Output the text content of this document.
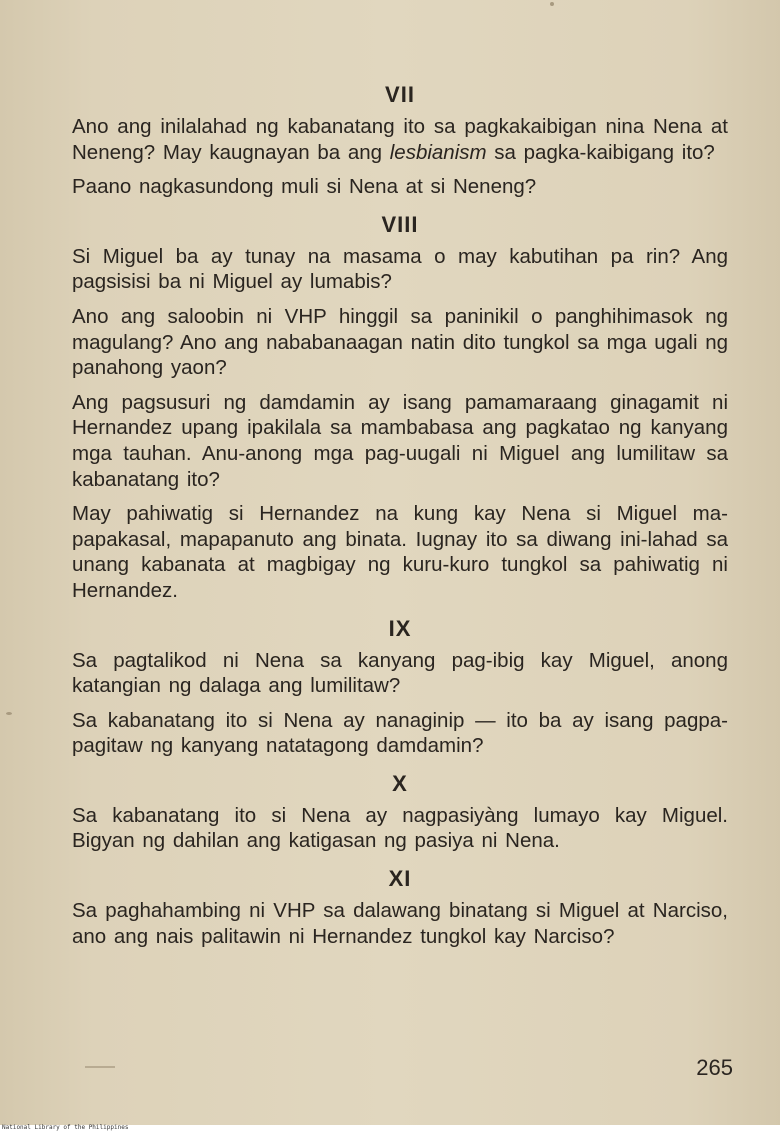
VII

Ano ang inilalahad ng kabanatang ito sa pagkakaibigan nina Nena at Neneng? May kaugnayan ba ang lesbianism sa pagka-kaibigang ito?

Paano nagkasundong muli si Nena at si Neneng?

VIII

Si Miguel ba ay tunay na masama o may kabutihan pa rin? Ang pagsisisi ba ni Miguel ay lumabis?

Ano ang saloobin ni VHP hinggil sa paninikil o panghihimasok ng magulang? Ano ang nababanaagan natin dito tungkol sa mga ugali ng panahong yaon?

Ang pagsusuri ng damdamin ay isang pamamaraang ginagamit ni Hernandez upang ipakilala sa mambabasa ang pagkatao ng kanyang mga tauhan. Anu-anong mga pag-uugali ni Miguel ang lumilitaw sa kabanatang ito?

May pahiwatig si Hernandez na kung kay Nena si Miguel ma-papakasal, mapapanuto ang binata. Iugnay ito sa diwang ini-lahad sa unang kabanata at magbigay ng kuru-kuro tungkol sa pahiwatig ni Hernandez.

IX

Sa pagtalikod ni Nena sa kanyang pag-ibig kay Miguel, anong katangian ng dalaga ang lumilitaw?

Sa kabanatang ito si Nena ay nanaginip — ito ba ay isang pagpa-pagitaw ng kanyang natatagong damdamin?

X

Sa kabanatang ito si Nena ay nagpasiyàng lumayo kay Miguel. Bigyan ng dahilan ang katigasan ng pasiya ni Nena.

XI

Sa paghahambing ni VHP sa dalawang binatang si Miguel at Narciso, ano ang nais palitawin ni Hernandez tungkol kay Narciso?

265
National Library of the Philippines
